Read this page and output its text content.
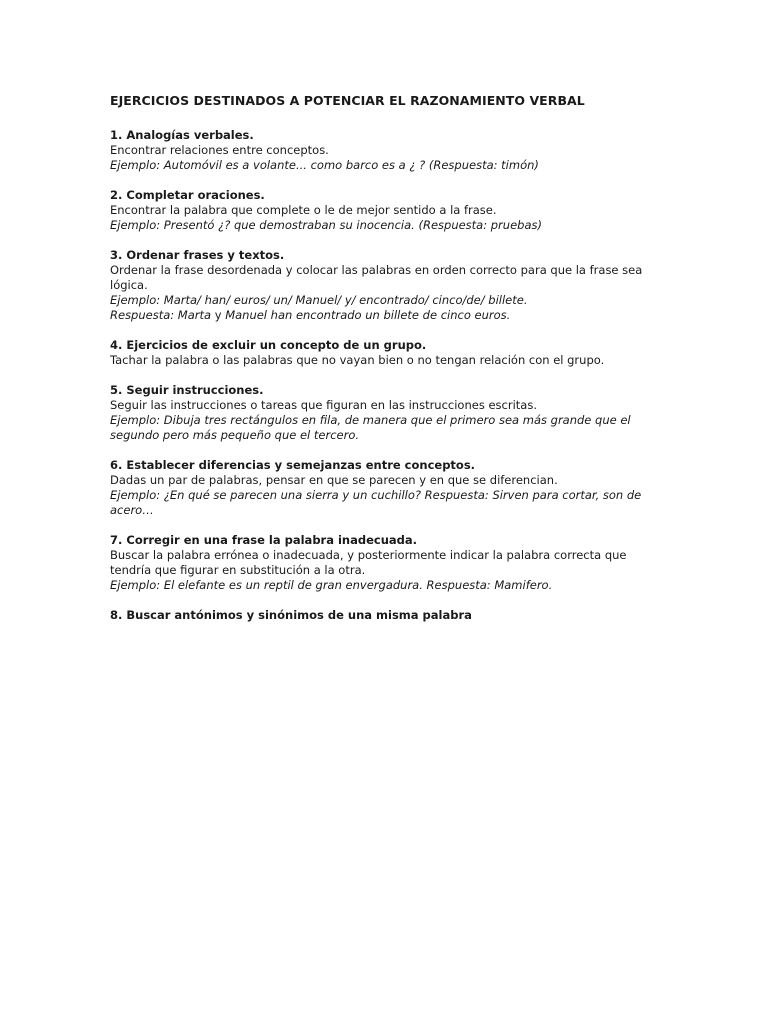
EJERCICIOS DESTINADOS A POTENCIAR EL RAZONAMIENTO VERBAL

1. Analogías verbales.

Encontrar relaciones entre conceptos.

Ejemplo: Automóvil es a volante... como barco es a ¿ ? (Respuesta: timón)

2. Completar oraciones.

Encontrar la palabra que complete o le de mejor sentido a la frase.

Ejemplo: Presentó ¿? que demostraban su inocencia. (Respuesta: pruebas)

3. Ordenar frases y textos.

Ordenar la frase desordenada y colocar las palabras en orden correcto para que la frase sea

lógica.

Ejemplo: Marta/ han/ euros/ un/ Manuel/ y/ encontrado/ cinco/de/ billete.

Respuesta: Marta y Manuel han encontrado un billete de cinco euros.

4. Ejercicios de excluir un concepto de un grupo.

Tachar la palabra o las palabras que no vayan bien o no tengan relación con el grupo.

5. Seguir instrucciones.

Seguir las instrucciones o tareas que figuran en las instrucciones escritas.

Ejemplo: Dibuja tres rectángulos en fila, de manera que el primero sea más grande que el

segundo pero más pequeño que el tercero.

6. Establecer diferencias y semejanzas entre conceptos.

Dadas un par de palabras, pensar en que se parecen y en que se diferencian.

Ejemplo: ¿En qué se parecen una sierra y un cuchillo? Respuesta: Sirven para cortar, son de

acero…

7. Corregir en una frase la palabra inadecuada.

Buscar la palabra errónea o inadecuada, y posteriormente indicar la palabra correcta que

tendría que figurar en substitución a la otra.

Ejemplo: El elefante es un reptil de gran envergadura. Respuesta: Mamifero.

8. Buscar antónimos y sinónimos de una misma palabra
